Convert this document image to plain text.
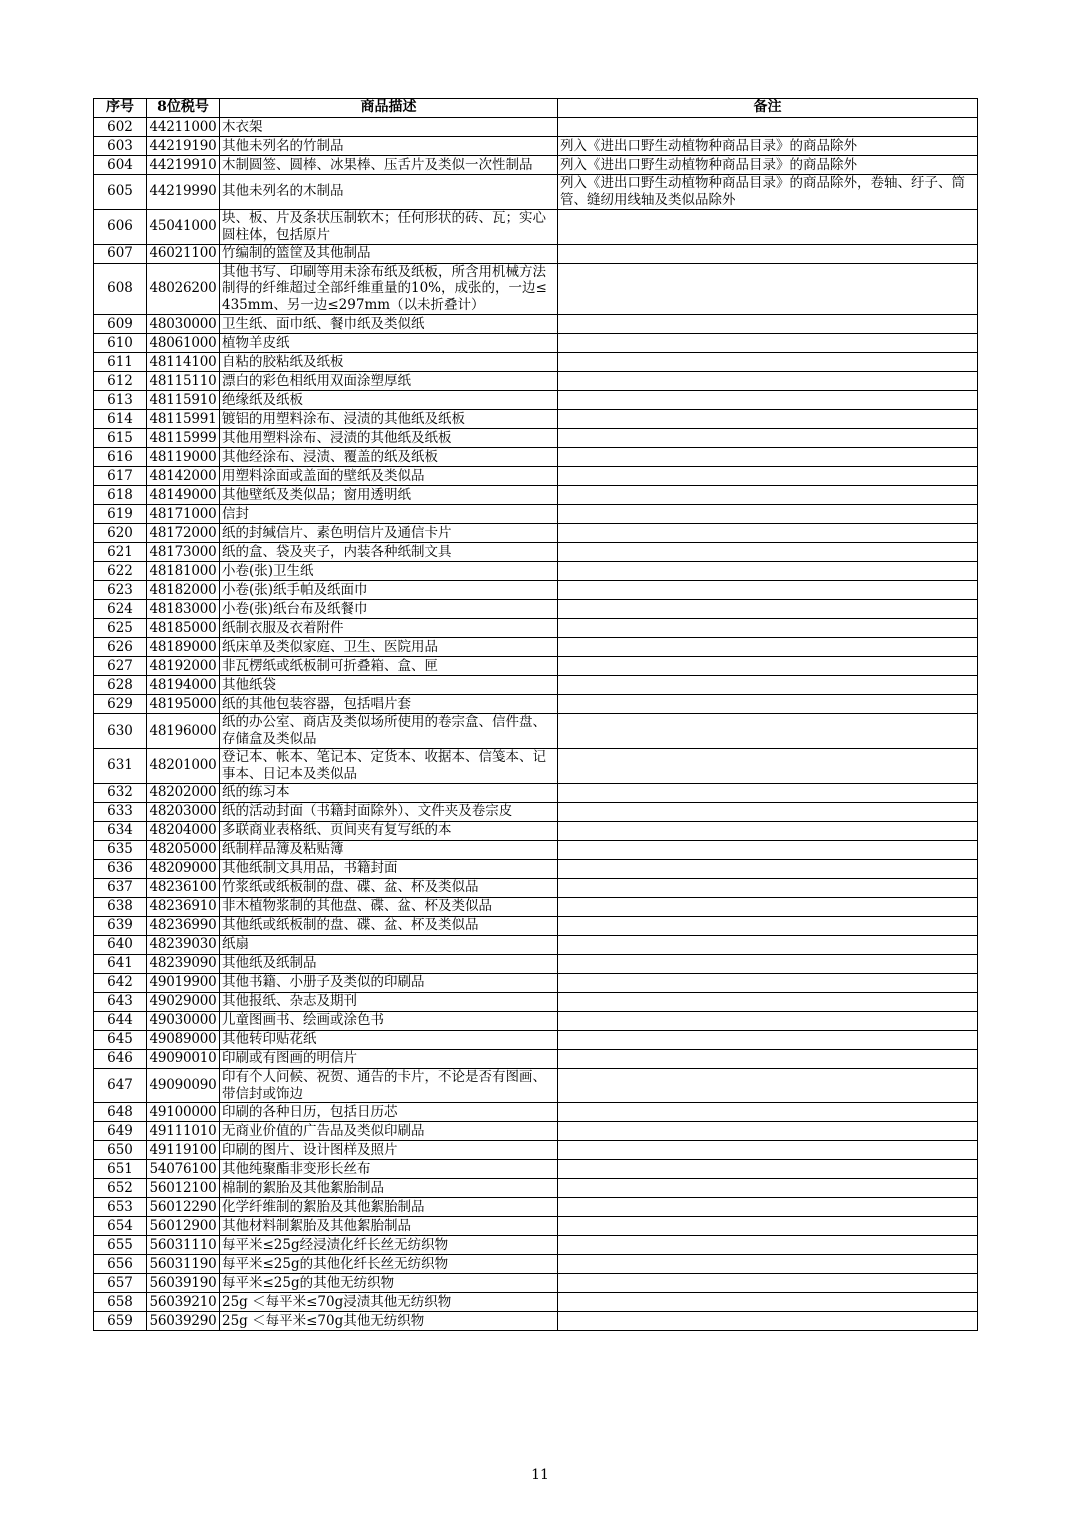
序号	8位税号	商品描述	备注
602	44211000	木衣架	
603	44219190	其他未列名的竹制品	列入《进出口野生动植物种商品目录》的商品除外
604	44219910	木制圆签、圆棒、冰果棒、压舌片及类似一次性制品	列入《进出口野生动植物种商品目录》的商品除外
605	44219990	其他未列名的木制品	列入《进出口野生动植物种商品目录》的商品除外，卷轴、纡子、筒管、缝纫用线轴及类似品除外
606	45041000	块、板、片及条状压制软木；任何形状的砖、瓦；实心圆柱体，包括原片	
607	46021100	竹编制的篮筐及其他制品	
608	48026200	其他书写、印刷等用未涂布纸及纸板，所含用机械方法制得的纤维超过全部纤维重量的10%，成张的，一边≤435mm、另一边≤297mm（以未折叠计）	
609	48030000	卫生纸、面巾纸、餐巾纸及类似纸	
610	48061000	植物羊皮纸	
611	48114100	自粘的胶粘纸及纸板	
612	48115110	漂白的彩色相纸用双面涂塑厚纸	
613	48115910	绝缘纸及纸板	
614	48115991	镀铝的用塑料涂布、浸渍的其他纸及纸板	
615	48115999	其他用塑料涂布、浸渍的其他纸及纸板	
616	48119000	其他经涂布、浸渍、覆盖的纸及纸板	
617	48142000	用塑料涂面或盖面的壁纸及类似品	
618	48149000	其他壁纸及类似品；窗用透明纸	
619	48171000	信封	
620	48172000	纸的封缄信片、素色明信片及通信卡片	
621	48173000	纸的盒、袋及夹子，内装各种纸制文具	
622	48181000	小卷(张)卫生纸	
623	48182000	小卷(张)纸手帕及纸面巾	
624	48183000	小卷(张)纸台布及纸餐巾	
625	48185000	纸制衣服及衣着附件	
626	48189000	纸床单及类似家庭、卫生、医院用品	
627	48192000	非瓦楞纸或纸板制可折叠箱、盒、匣	
628	48194000	其他纸袋	
629	48195000	纸的其他包装容器，包括唱片套	
630	48196000	纸的办公室、商店及类似场所使用的卷宗盒、信件盘、存储盒及类似品	
631	48201000	登记本、帐本、笔记本、定货本、收据本、信笺本、记事本、日记本及类似品	
632	48202000	纸的练习本	
633	48203000	纸的活动封面（书籍封面除外）、文件夹及卷宗皮	
634	48204000	多联商业表格纸、页间夹有复写纸的本	
635	48205000	纸制样品簿及粘贴簿	
636	48209000	其他纸制文具用品，书籍封面	
637	48236100	竹浆纸或纸板制的盘、碟、盆、杯及类似品	
638	48236910	非木植物浆制的其他盘、碟、盆、杯及类似品	
639	48236990	其他纸或纸板制的盘、碟、盆、杯及类似品	
640	48239030	纸扇	
641	48239090	其他纸及纸制品	
642	49019900	其他书籍、小册子及类似的印刷品	
643	49029000	其他报纸、杂志及期刊	
644	49030000	儿童图画书、绘画或涂色书	
645	49089000	其他转印贴花纸	
646	49090010	印刷或有图画的明信片	
647	49090090	印有个人问候、祝贺、通告的卡片，不论是否有图画、带信封或饰边	
648	49100000	印刷的各种日历，包括日历芯	
649	49111010	无商业价值的广告品及类似印刷品	
650	49119100	印刷的图片、设计图样及照片	
651	54076100	其他纯聚酯非变形长丝布	
652	56012100	棉制的絮胎及其他絮胎制品	
653	56012290	化学纤维制的絮胎及其他絮胎制品	
654	56012900	其他材料制絮胎及其他絮胎制品	
655	56031110	每平米≤25g经浸渍化纤长丝无纺织物	
656	56031190	每平米≤25g的其他化纤长丝无纺织物	
657	56039190	每平米≤25g的其他无纺织物	
658	56039210	25g ＜每平米≤70g浸渍其他无纺织物	
659	56039290	25g ＜每平米≤70g其他无纺织物	
11
